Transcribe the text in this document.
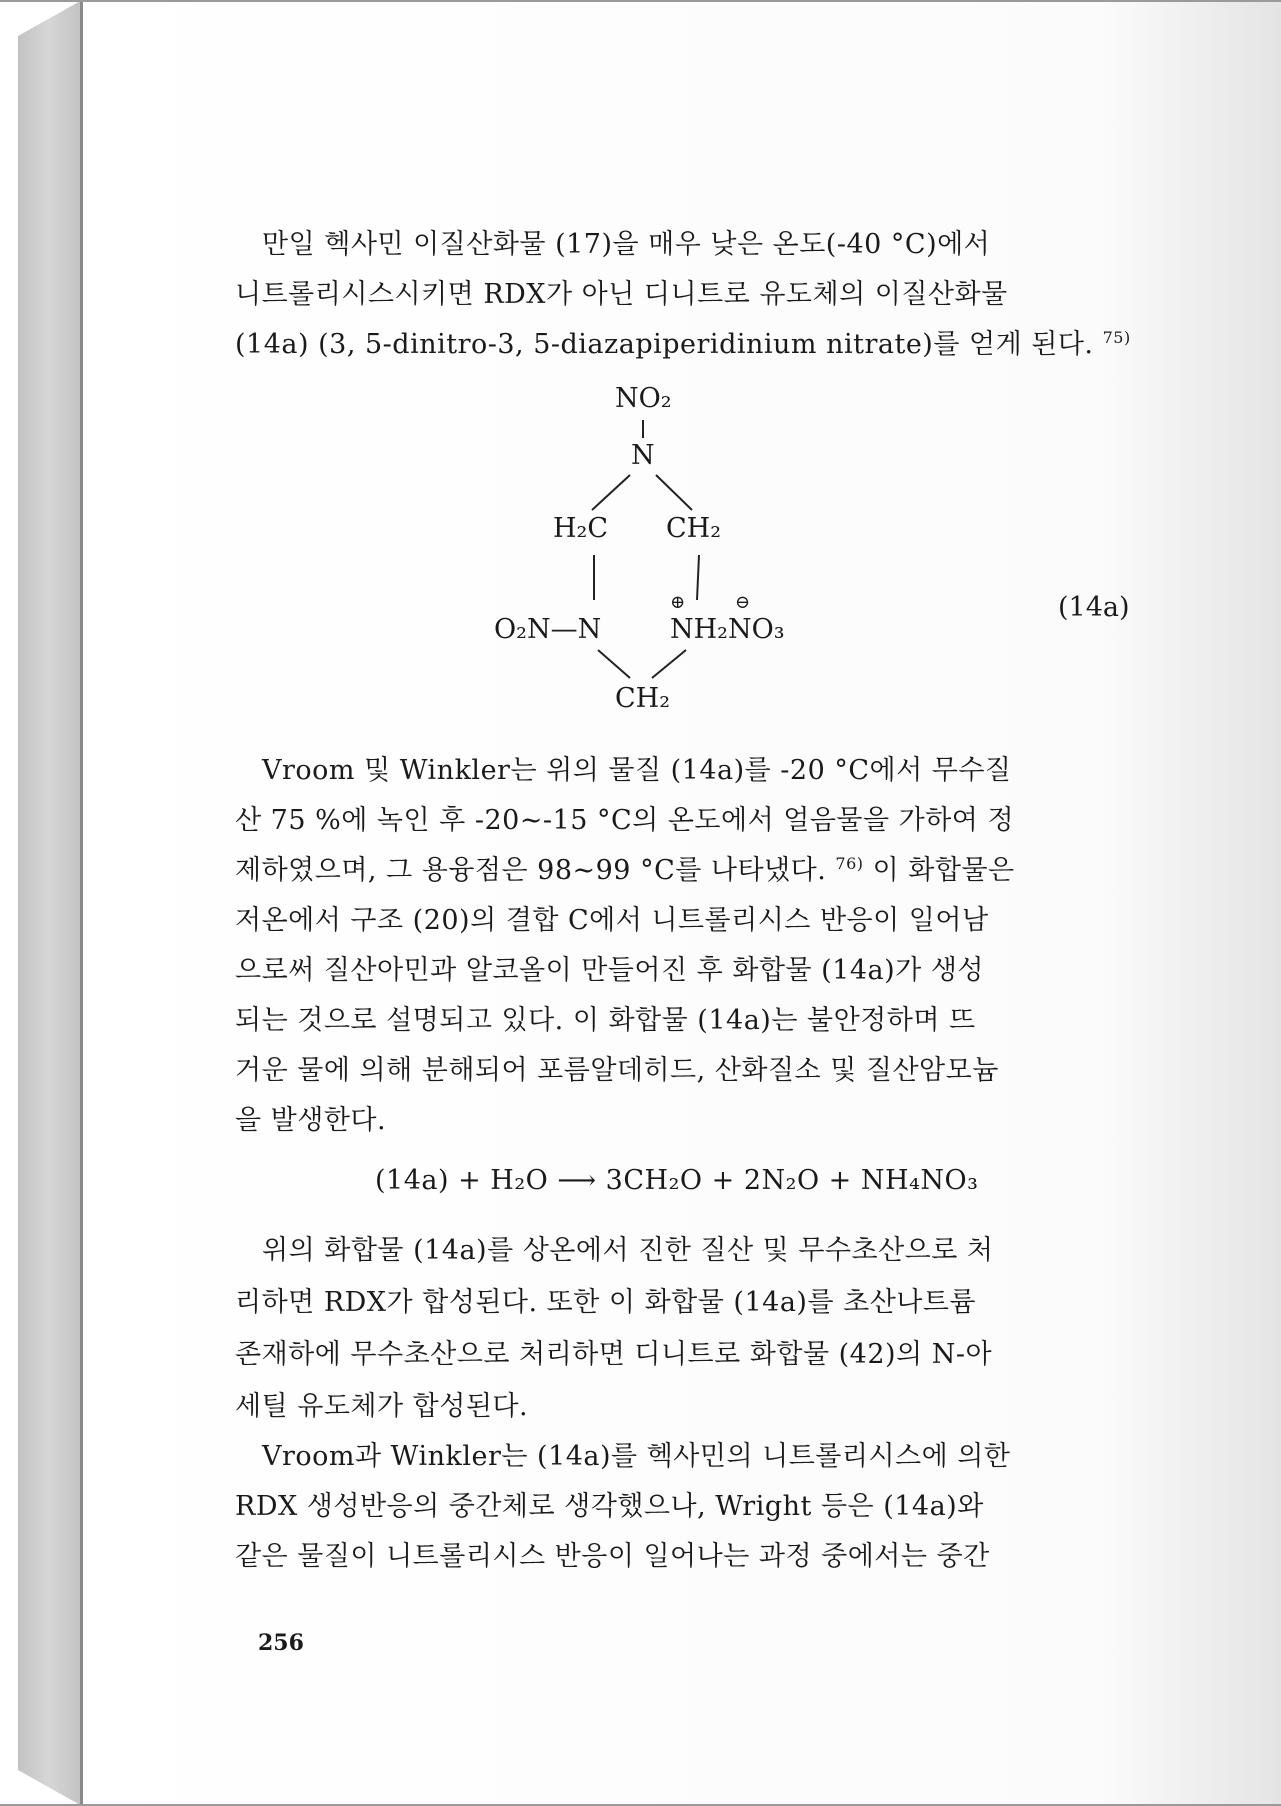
만일 헥사민 이질산화물 (17)을 매우 낮은 온도(-40 °C)에서
니트롤리시스시키면 RDX가 아닌 디니트로 유도체의 이질산화물
(14a) (3, 5-dinitro-3, 5-diazapiperidinium nitrate)를 얻게 된다. $^{75)}$
NO₂
N
H₂C CH₂
O₂N—N
⊕	⊖
NH₂NO₃
CH₂
(14a)
Vroom 및 Winkler는 위의 물질 (14a)를 -20 °C에서 무수질
산 75 %에 녹인 후 -20∼-15 °C의 온도에서 얼음물을 가하여 정
제하였으며, 그 용융점은 98∼99 °C를 나타냈다. $^{76)}$ 이 화합물은
저온에서 구조 (20)의 결합 C에서 니트롤리시스 반응이 일어남
으로써 질산아민과 알코올이 만들어진 후 화합물 (14a)가 생성
되는 것으로 설명되고 있다. 이 화합물 (14a)는 불안정하며 뜨
거운 물에 의해 분해되어 포름알데히드, 산화질소 및 질산암모늄
을 발생한다.
(14a) + H₂O ⟶ 3CH₂O + 2N₂O + NH₄NO₃
위의 화합물 (14a)를 상온에서 진한 질산 및 무수초산으로 처
리하면 RDX가 합성된다. 또한 이 화합물 (14a)를 초산나트륨
존재하에 무수초산으로 처리하면 디니트로 화합물 (42)의 N-아
세틸 유도체가 합성된다.
Vroom과 Winkler는 (14a)를 헥사민의 니트롤리시스에 의한
RDX 생성반응의 중간체로 생각했으나, Wright 등은 (14a)와
같은 물질이 니트롤리시스 반응이 일어나는 과정 중에서는 중간
256
